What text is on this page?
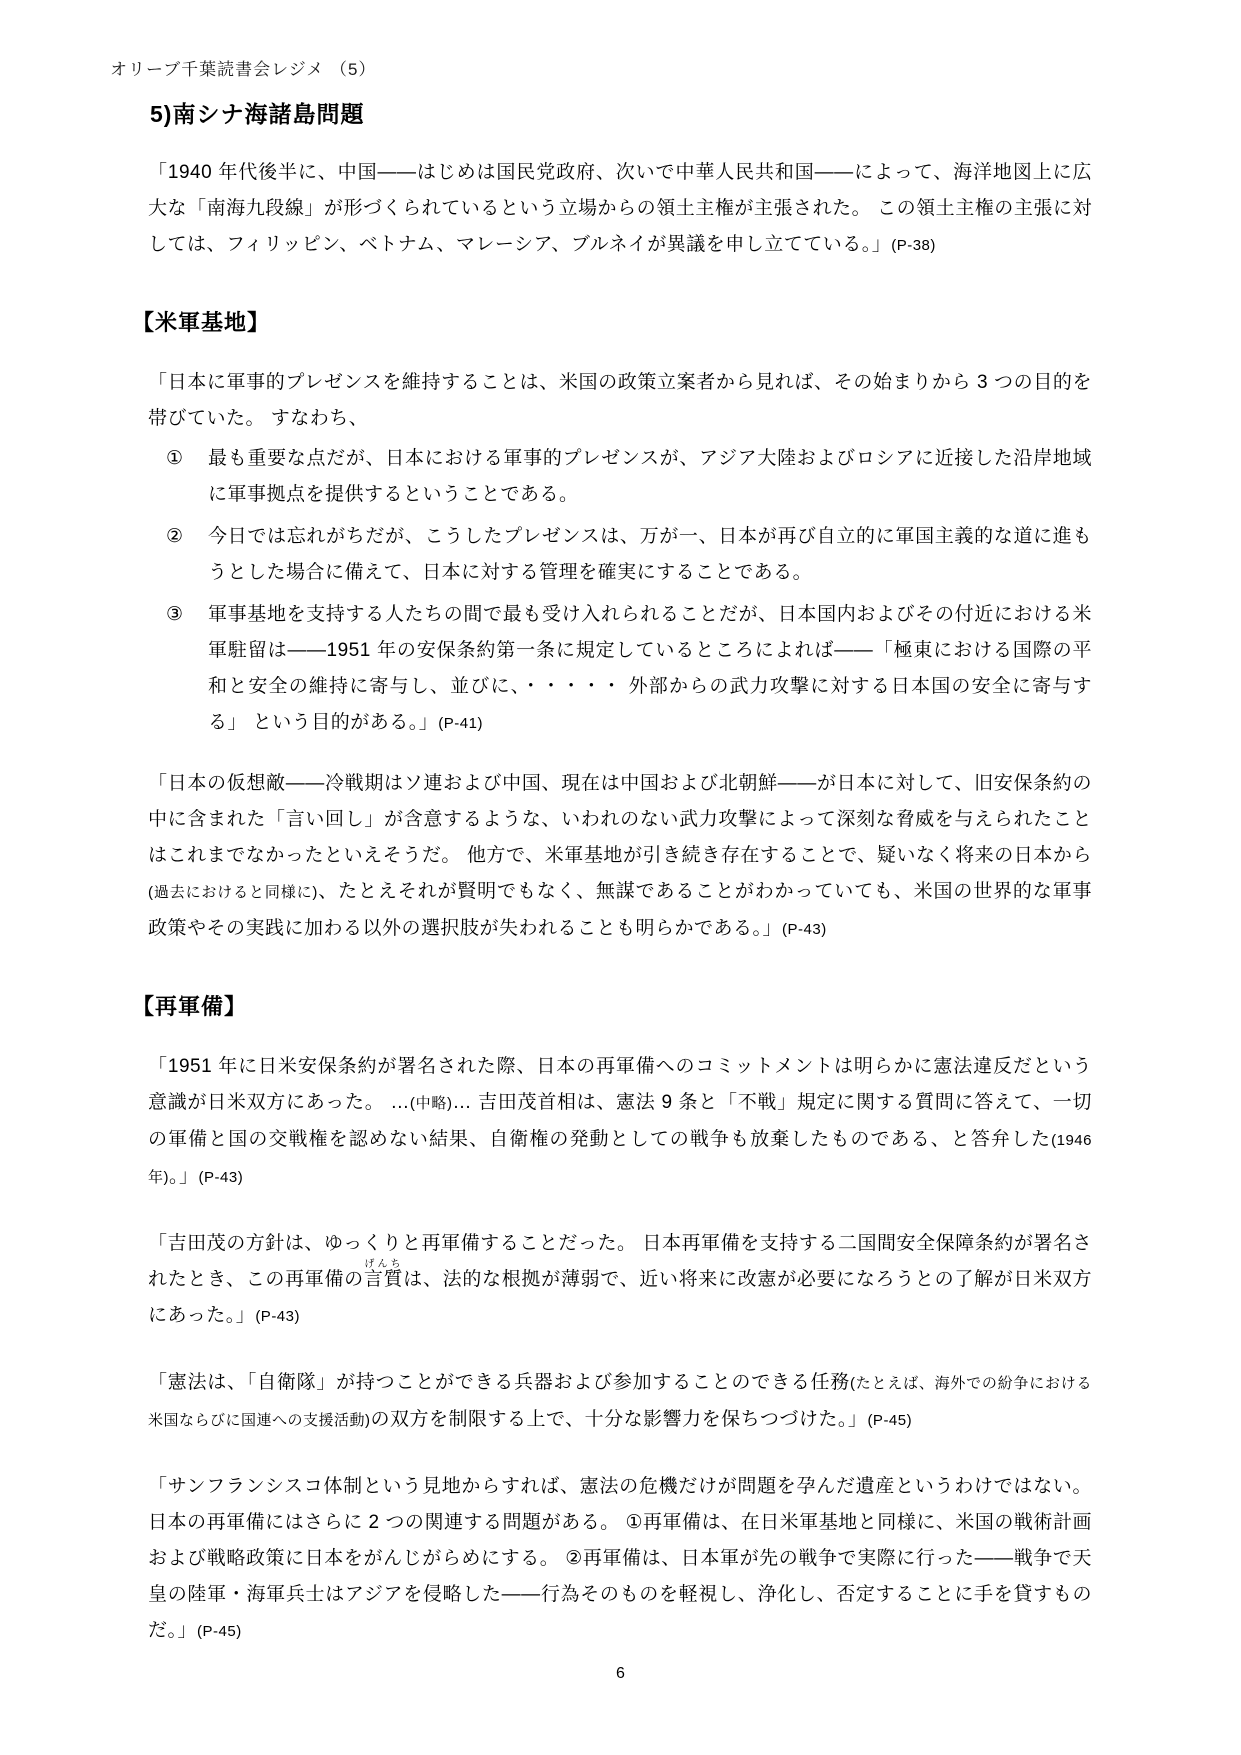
オリーブ千葉読書会レジメ （5）
5)南シナ海諸島問題

「1940 年代後半に、中国――はじめは国民党政府、次いで中華人民共和国――によって、海洋地図上に広大な「南海九段線」が形づくられているという立場からの領土主権が主張された。 この領土主権の主張に対しては、フィリッピン、ベトナム、マレーシア、ブルネイが異議を申し立てている。」(P-38)

【米軍基地】

「日本に軍事的プレゼンスを維持することは、米国の政策立案者から見れば、その始まりから 3 つの目的を帯びていた。 すなわち、

① 最も重要な点だが、日本における軍事的プレゼンスが、アジア大陸およびロシアに近接した沿岸地域に軍事拠点を提供するということである。
② 今日では忘れがちだが、こうしたプレゼンスは、万が一、日本が再び自立的に軍国主義的な道に進もうとした場合に備えて、日本に対する管理を確実にすることである。
③ 軍事基地を支持する人たちの間で最も受け入れられることだが、日本国内およびその付近における米軍駐留は――1951 年の安保条約第一条に規定しているところによれば――「極東における国際の平和と安全の維持に寄与し、並びに、・・・・・ 外部からの武力攻撃に対する日本国の安全に寄与する」 という目的がある。」(P-41)

「日本の仮想敵――冷戦期はソ連および中国、現在は中国および北朝鮮――が日本に対して、旧安保条約の中に含まれた「言い回し」が含意するような、いわれのない武力攻撃によって深刻な脅威を与えられたことはこれまでなかったといえそうだ。 他方で、米軍基地が引き続き存在することで、疑いなく将来の日本から(過去におけると同様に)、たとえそれが賢明でもなく、無謀であることがわかっていても、米国の世界的な軍事政策やその実践に加わる以外の選択肢が失われることも明らかである。」(P-43)

【再軍備】

「1951 年に日米安保条約が署名された際、日本の再軍備へのコミットメントは明らかに憲法違反だという意識が日米双方にあった。 …(中略)… 吉田茂首相は、憲法 9 条と「不戦」規定に関する質問に答えて、一切の軍備と国の交戦権を認めない結果、自衛権の発動としての戦争も放棄したものである、と答弁した(1946 年)。」(P-43)

「吉田茂の方針は、ゆっくりと再軍備することだった。 日本再軍備を支持する二国間安全保障条約が署名されたとき、この再軍備の言質げんちは、法的な根拠が薄弱で、近い将来に改憲が必要になろうとの了解が日米双方にあった。」(P-43)

「憲法は、「自衛隊」が持つことができる兵器および参加することのできる任務(たとえば、海外での紛争における米国ならびに国連への支援活動)の双方を制限する上で、十分な影響力を保ちつづけた。」(P-45)

「サンフランシスコ体制という見地からすれば、憲法の危機だけが問題を孕んだ遺産というわけではない。 日本の再軍備にはさらに 2 つの関連する問題がある。 ①再軍備は、在日米軍基地と同様に、米国の戦術計画および戦略政策に日本をがんじがらめにする。 ②再軍備は、日本軍が先の戦争で実際に行った――戦争で天皇の陸軍・海軍兵士はアジアを侵略した――行為そのものを軽視し、浄化し、否定することに手を貸すものだ。」(P-45)

6
